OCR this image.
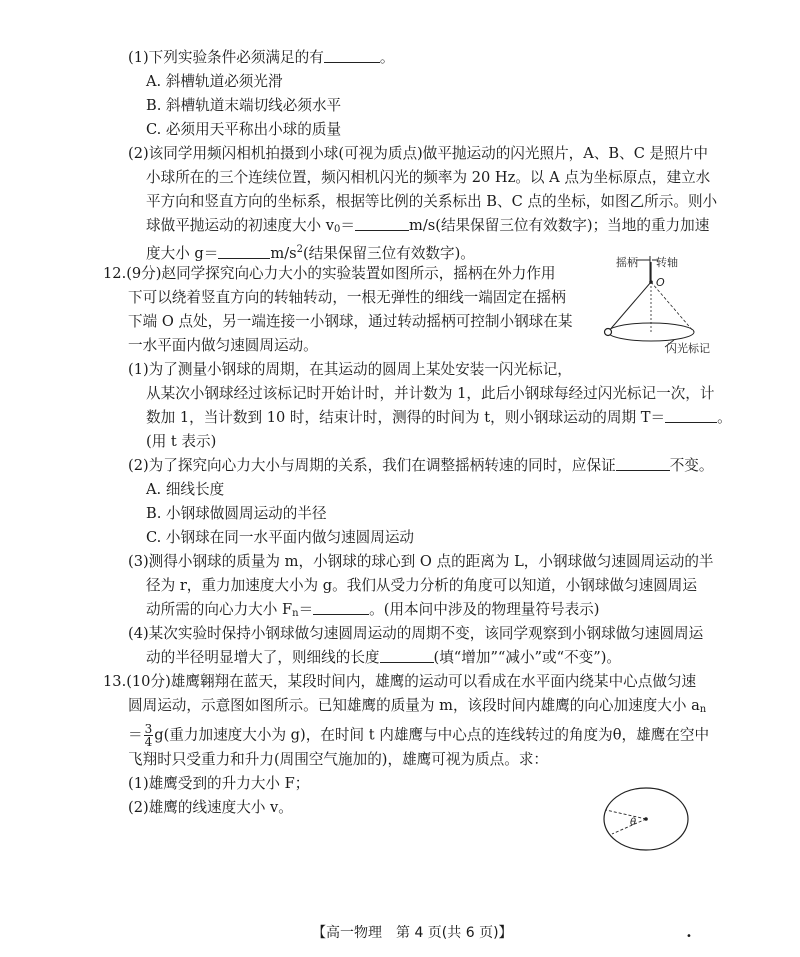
(1)下列实验条件必须满足的有	。
A. 斜槽轨道必须光滑
B. 斜槽轨道末端切线必须水平
C. 必须用天平称出小球的质量
(2)该同学用频闪相机拍摄到小球(可视为质点)做平抛运动的闪光照片，A、B、C 是照片中
小球所在的三个连续位置，频闪相机闪光的频率为 20 Hz。以 A 点为坐标原点，建立水
平方向和竖直方向的坐标系，根据等比例的关系标出 B、C 点的坐标，如图乙所示。则小
球做平抛运动的初速度大小 $v_0=$	m/s(结果保留三位有效数字)；当地的重力加速
度大小 g＝	$m/s^2$(结果保留三位有效数字)。
12.(9分)赵同学探究向心力大小的实验装置如图所示，摇柄在外力作用
下可以绕着竖直方向的转轴转动，一根无弹性的细线一端固定在摇柄
下端 O 点处，另一端连接一小钢球，通过转动摇柄可控制小钢球在某
一水平面内做匀速圆周运动。
摇柄 转轴
O
闪光标记
(1)为了测量小钢球的周期，在其运动的圆周上某处安装一闪光标记，
从某次小钢球经过该标记时开始计时，并计数为 1，此后小钢球每经过闪光标记一次，计
数加 1，当计数到 10 时，结束计时，测得的时间为 t，则小钢球运动的周期 T＝	。
(用 t 表示)
(2)为了探究向心力大小与周期的关系，我们在调整摇柄转速的同时，应保证	不变。
A. 细线长度
B. 小钢球做圆周运动的半径
C. 小钢球在同一水平面内做匀速圆周运动
(3)测得小钢球的质量为 m，小钢球的球心到 O 点的距离为 L，小钢球做匀速圆周运动的半
径为 r，重力加速度大小为 g。我们从受力分析的角度可以知道，小钢球做匀速圆周运
动所需的向心力大小 $F_n=$	。(用本问中涉及的物理量符号表示)
(4)某次实验时保持小钢球做匀速圆周运动的周期不变，该同学观察到小钢球做匀速圆周运
动的半径明显增大了，则细线的长度	(填“增加”“减小”或“不变”)。
13.(10分)雄鹰翱翔在蓝天，某段时间内，雄鹰的运动可以看成在水平面内绕某中心点做匀速
圆周运动，示意图如图所示。已知雄鹰的质量为 m，该段时间内雄鹰的向心加速度大小 $a_n$
＝ $\frac{3}{4} g$(重力加速度大小为 g)，在时间 t 内雄鹰与中心点的连线转过的角度为θ，雄鹰在空中
飞翔时只受重力和升力(周围空气施加的)，雄鹰可视为质点。求：
(1)雄鹰受到的升力大小 F；
(2)雄鹰的线速度大小 v。
θ
【高一物理　第 4 页(共 6 页)】	•
